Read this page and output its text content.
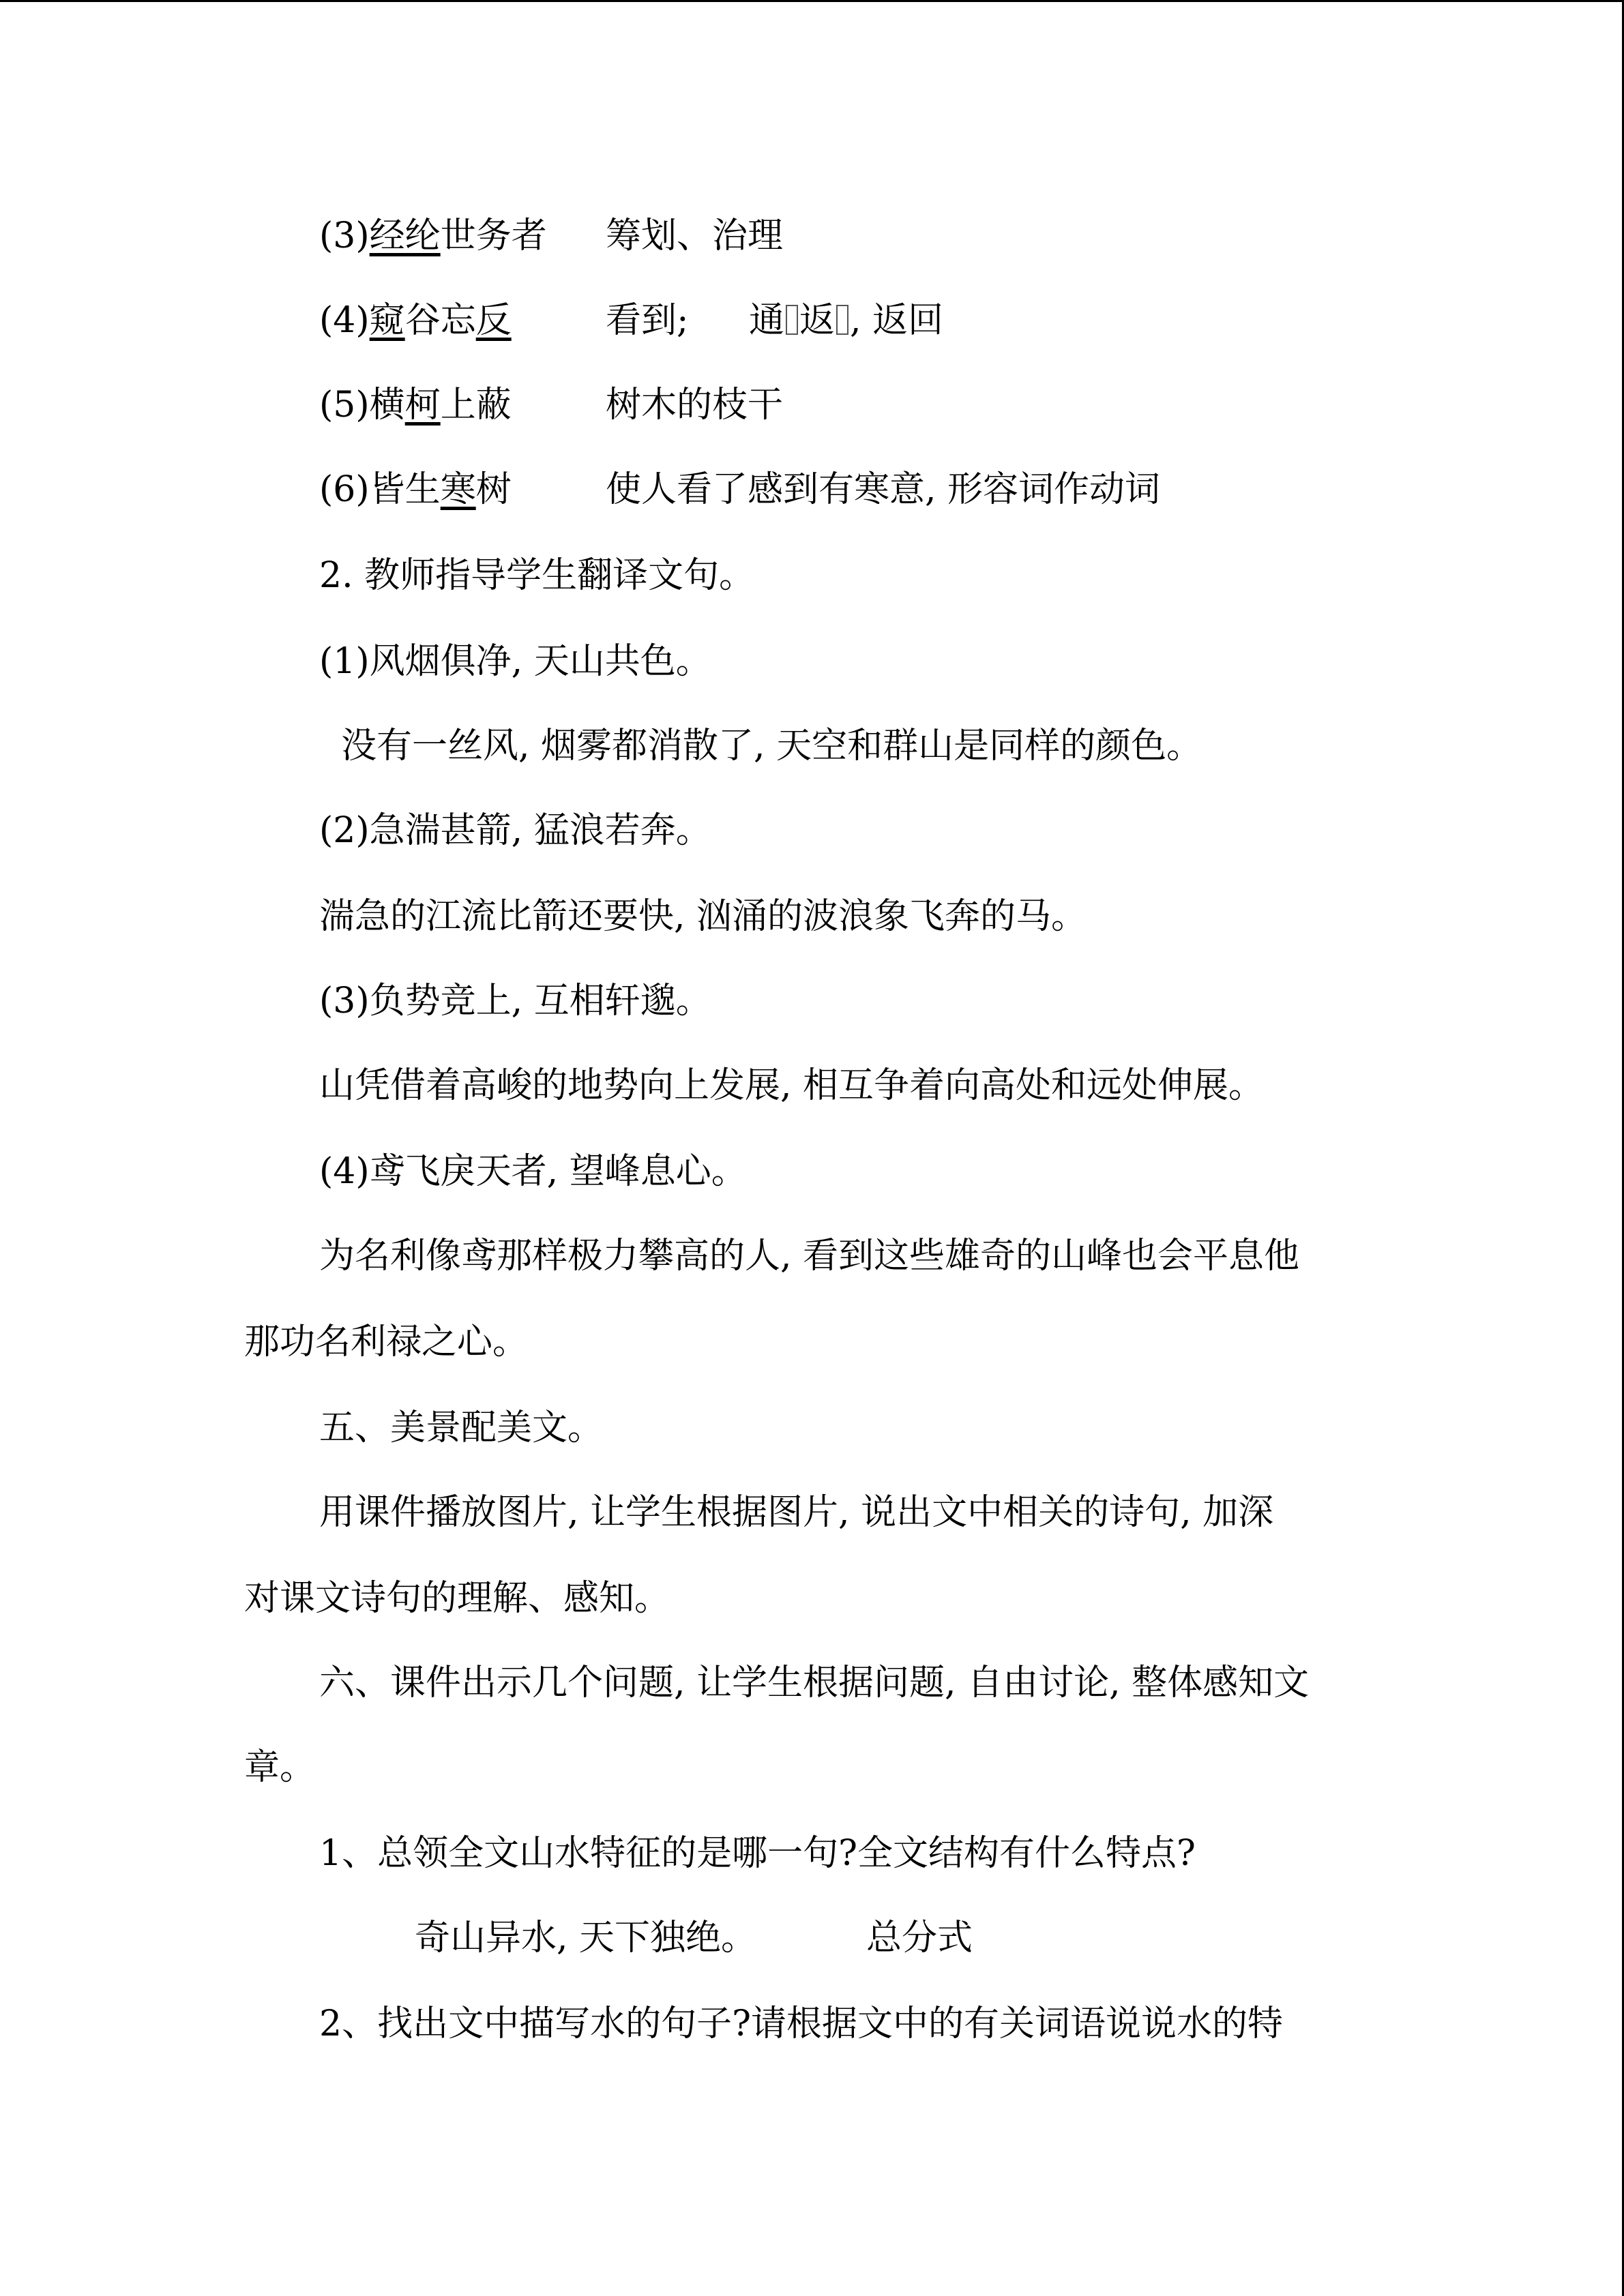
(3)经纶世务者 筹划、治理
(4)窥谷忘反	看到; 通 返 , 返回
(5)横柯上蔽	树木的枝干
(6)皆生寒树	使人看了感到有寒意, 形容词作动词
2. 教师指导学生翻译文句。
(1)风烟俱净, 天山共色。
没有一丝风, 烟雾都消散了, 天空和群山是同样的颜色。
(2)急湍甚箭, 猛浪若奔。
湍急的江流比箭还要快, 汹涌的波浪象飞奔的马。
(3)负势竞上, 互相轩邈。
山凭借着高峻的地势向上发展, 相互争着向高处和远处伸展。
(4)鸢飞戾天者, 望峰息心。
为名利像鸢那样极力攀高的人, 看到这些雄奇的山峰也会平息他
那功名利禄之心。
五、美景配美文。
用课件播放图片, 让学生根据图片, 说出文中相关的诗句, 加深
对课文诗句的理解、感知。
六、课件出示几个问题, 让学生根据问题, 自由讨论, 整体感知文
章。
1、总领全文山水特征的是哪一句?全文结构有什么特点?
奇山异水, 天下独绝。	总分式
2、找出文中描写水的句子?请根据文中的有关词语说说水的特
